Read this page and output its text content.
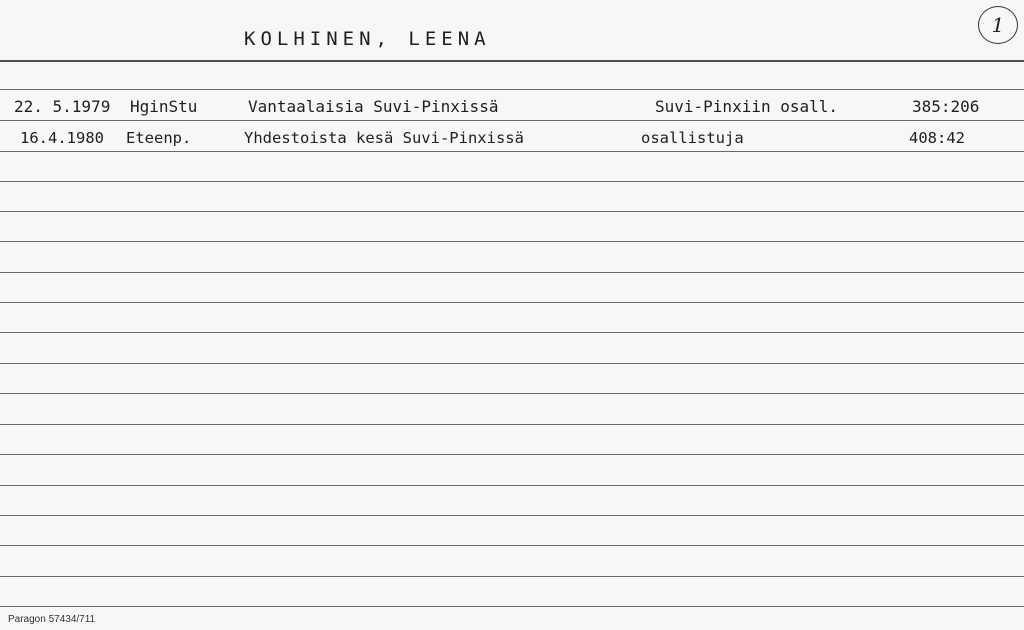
KOLHINEN, LEENA
1
22. 5.1979 HginStu	Vantaalaisia Suvi-Pinxissä	Suvi-Pinxiin osall.	385:206
16.4.1980 Eteenp.	Yhdestoista kesä Suvi-Pinxissä	osallistuja	408:42
Paragon 57434/711
